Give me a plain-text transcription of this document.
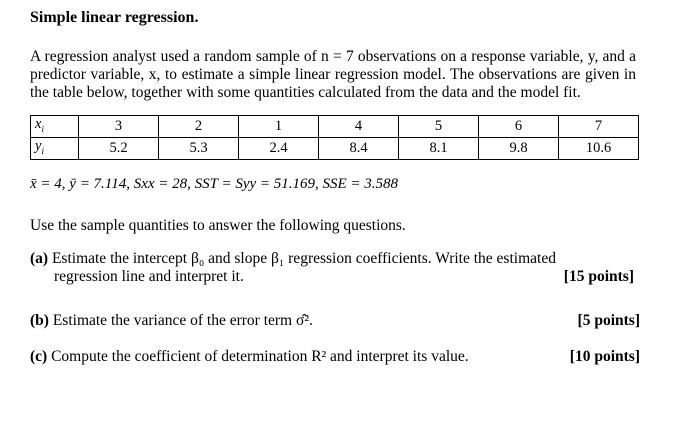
Simple linear regression.

A regression analyst used a random sample of n = 7 observations on a response variable, y, and a predictor variable, x, to estimate a simple linear regression model. The observations are given in the table below, together with some quantities calculated from the data and the model fit.
$x_i$	3	2	1	4	5	6	7
$y_i$	5.2	5.3	2.4	8.4	8.1	9.8	10.6
x̄ = 4, ȳ = 7.114, Sxx = 28, SST = Syy = 51.169, SSE = 3.588
Use the sample quantities to answer the following questions.
(a) Estimate the intercept β₀ and slope β₁ regression coefficients. Write the estimated
regression line and interpret it.	[15 points]
(b) Estimate the variance of the error term σ̂².	[5 points]
(c) Compute the coefficient of determination R² and interpret its value.	[10 points]
